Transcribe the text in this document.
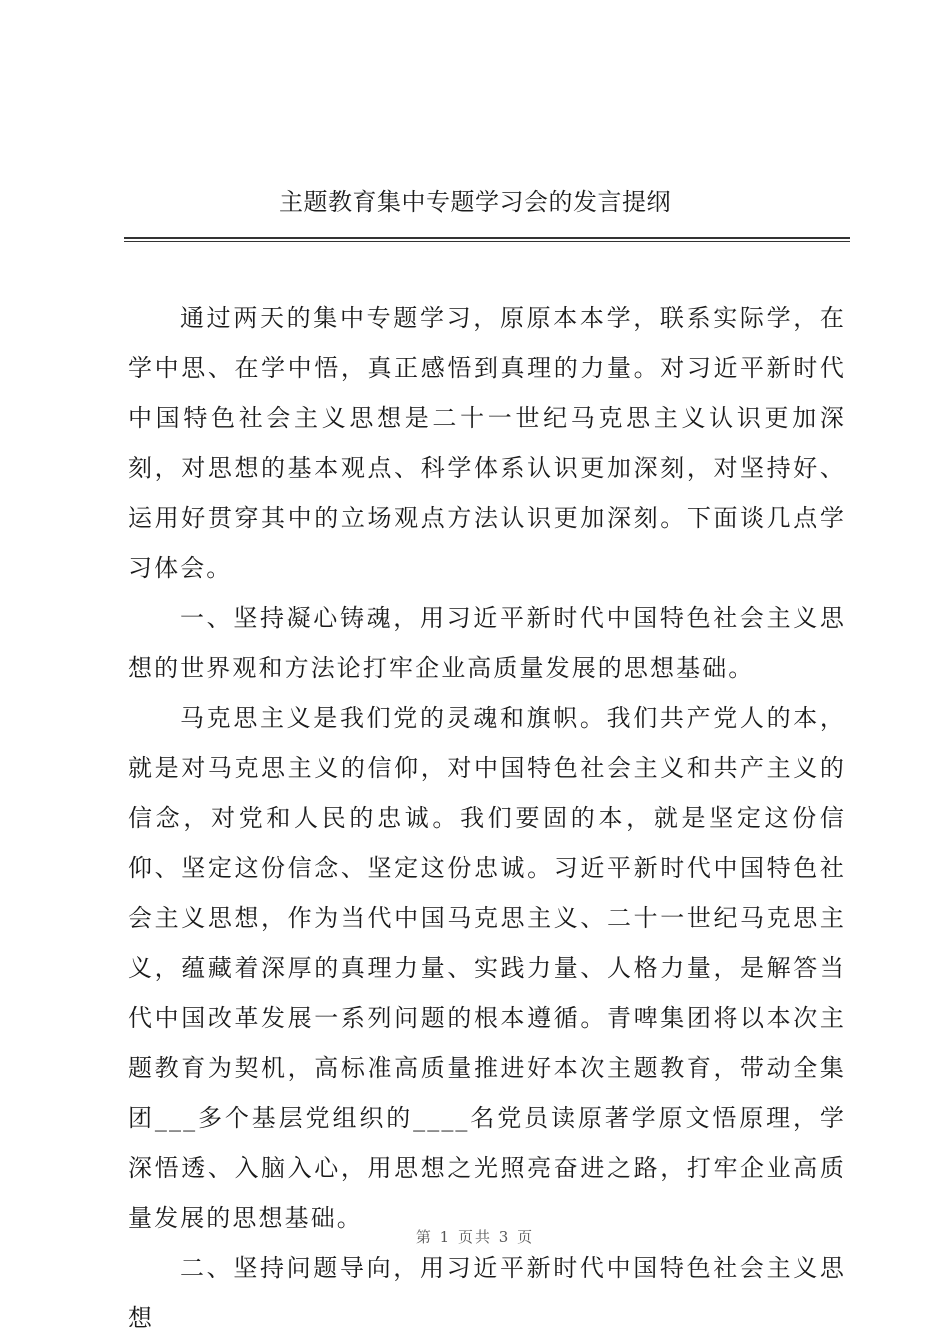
主题教育集中专题学习会的发言提纲

通过两天的集中专题学习，原原本本学，联系实际学，在学中思、在学中悟，真正感悟到真理的力量。对习近平新时代中国特色社会主义思想是二十一世纪马克思主义认识更加深刻，对思想的基本观点、科学体系认识更加深刻，对坚持好、运用好贯穿其中的立场观点方法认识更加深刻。下面谈几点学习体会。

一、坚持凝心铸魂，用习近平新时代中国特色社会主义思想的世界观和方法论打牢企业高质量发展的思想基础。

马克思主义是我们党的灵魂和旗帜。我们共产党人的本，就是对马克思主义的信仰，对中国特色社会主义和共产主义的信念，对党和人民的忠诚。我们要固的本，就是坚定这份信仰、坚定这份信念、坚定这份忠诚。习近平新时代中国特色社会主义思想，作为当代中国马克思主义、二十一世纪马克思主义，蕴藏着深厚的真理力量、实践力量、人格力量，是解答当代中国改革发展一系列问题的根本遵循。青啤集团将以本次主题教育为契机，高标准高质量推进好本次主题教育，带动全集团___多个基层党组织的____名党员读原著学原文悟原理，学深悟透、入脑入心，用思想之光照亮奋进之路，打牢企业高质量发展的思想基础。

二、坚持问题导向，用习近平新时代中国特色社会主义思想

第 1 页共 3 页
